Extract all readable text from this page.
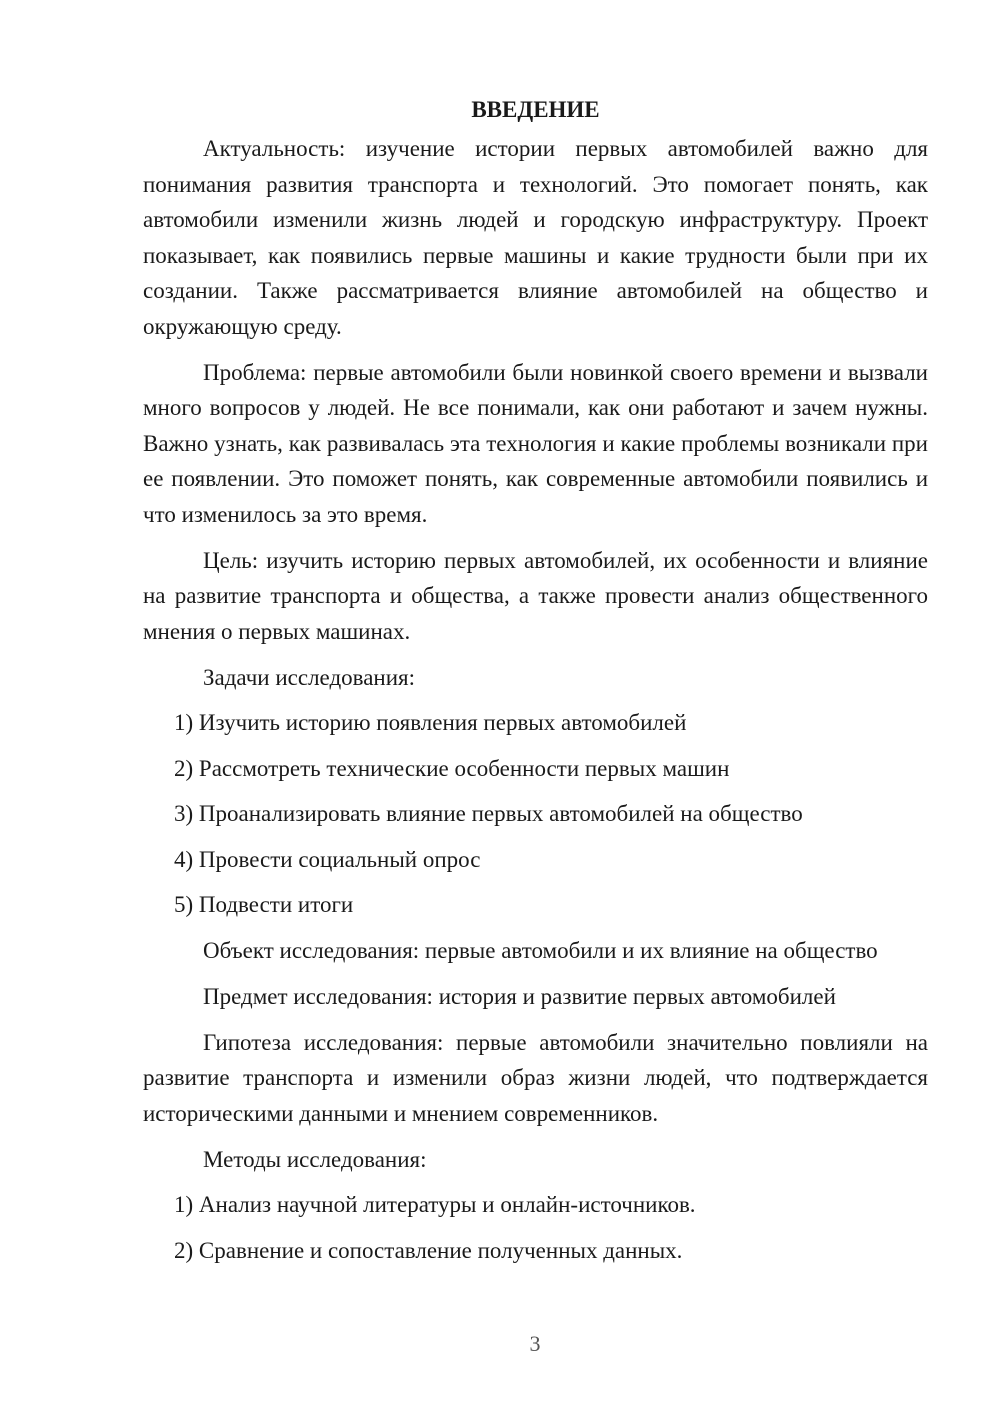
ВВЕДЕНИЕ

Актуальность: изучение истории первых автомобилей важно для понимания развития транспорта и технологий. Это помогает понять, как автомобили изменили жизнь людей и городскую инфраструктуру. Проект показывает, как появились первые машины и какие трудности были при их создании. Также рассматривается влияние автомобилей на общество и окружающую среду.

Проблема: первые автомобили были новинкой своего времени и вызвали много вопросов у людей. Не все понимали, как они работают и зачем нужны. Важно узнать, как развивалась эта технология и какие проблемы возникали при ее появлении. Это поможет понять, как современные автомобили появились и что изменилось за это время.

Цель: изучить историю первых автомобилей, их особенности и влияние на развитие транспорта и общества, а также провести анализ общественного мнения о первых машинах.

Задачи исследования:

1) Изучить историю появления первых автомобилей
2) Рассмотреть технические особенности первых машин
3) Проанализировать влияние первых автомобилей на общество
4) Провести социальный опрос
5) Подвести итоги

Объект исследования: первые автомобили и их влияние на общество

Предмет исследования: история и развитие первых автомобилей

Гипотеза исследования: первые автомобили значительно повлияли на развитие транспорта и изменили образ жизни людей, что подтверждается историческими данными и мнением современников.

Методы исследования:

1) Анализ научной литературы и онлайн-источников.
2) Сравнение и сопоставление полученных данных.
3
